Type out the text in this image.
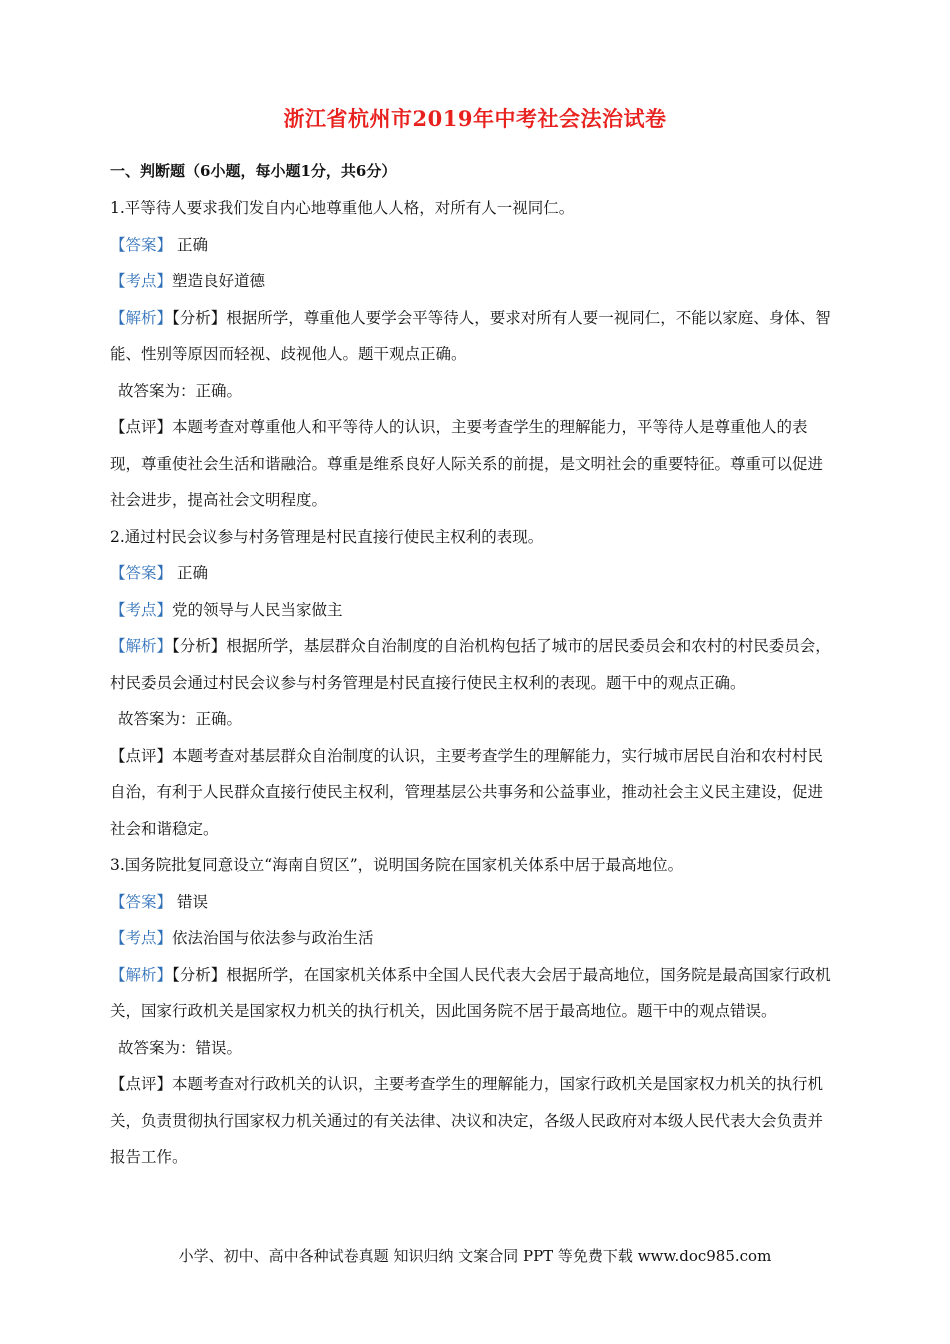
浙江省杭州市2019年中考社会法治试卷
一、判断题（6小题，每小题1分，共6分）

1.平等待人要求我们发自内心地尊重他人人格，对所有人一视同仁。

【答案】 正确

【考点】塑造良好道德

【解析】【分析】根据所学，尊重他人要学会平等待人，要求对所有人要一视同仁，不能以家庭、身体、智能、性别等原因而轻视、歧视他人。题干观点正确。

故答案为：正确。

【点评】本题考查对尊重他人和平等待人的认识，主要考查学生的理解能力，平等待人是尊重他人的表现，尊重使社会生活和谐融洽。尊重是维系良好人际关系的前提，是文明社会的重要特征。尊重可以促进社会进步，提高社会文明程度。

2.通过村民会议参与村务管理是村民直接行使民主权利的表现。

【答案】 正确

【考点】党的领导与人民当家做主

【解析】【分析】根据所学，基层群众自治制度的自治机构包括了城市的居民委员会和农村的村民委员会，村民委员会通过村民会议参与村务管理是村民直接行使民主权利的表现。题干中的观点正确。

故答案为：正确。

【点评】本题考查对基层群众自治制度的认识，主要考查学生的理解能力，实行城市居民自治和农村村民自治，有利于人民群众直接行使民主权利，管理基层公共事务和公益事业，推动社会主义民主建设，促进社会和谐稳定。

3.国务院批复同意设立“海南自贸区”，说明国务院在国家机关体系中居于最高地位。

【答案】 错误

【考点】依法治国与依法参与政治生活

【解析】【分析】根据所学，在国家机关体系中全国人民代表大会居于最高地位，国务院是最高国家行政机关，国家行政机关是国家权力机关的执行机关，因此国务院不居于最高地位。题干中的观点错误。

故答案为：错误。

【点评】本题考查对行政机关的认识，主要考查学生的理解能力，国家行政机关是国家权力机关的执行机关，负责贯彻执行国家权力机关通过的有关法律、决议和决定，各级人民政府对本级人民代表大会负责并报告工作。

小学、初中、高中各种试卷真题 知识归纳 文案合同 PPT 等免费下载 www.doc985.com
